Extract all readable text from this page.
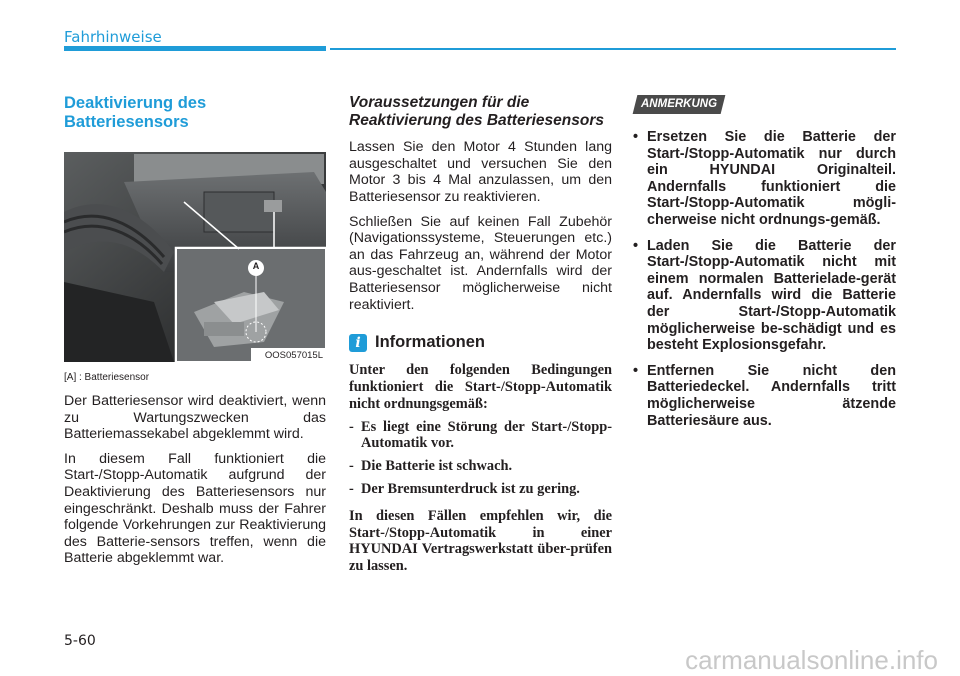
Fahrhinweise
Deaktivierung des Batteriesensors
A
OOS057015L
[A] : Batteriesensor

Der Batteriesensor wird deaktiviert, wenn zu Wartungszwecken das Batteriemassekabel abgeklemmt wird.

In diesem Fall funktioniert die Start-/Stopp-Automatik aufgrund der Deaktivierung des Batteriesensors nur eingeschränkt. Deshalb muss der Fahrer folgende Vorkehrungen zur Reaktivierung des Batterie-sensors treffen, wenn die Batterie abgeklemmt war.

Voraussetzungen für die Reaktivierung des Batteriesensors

Lassen Sie den Motor 4 Stunden lang ausgeschaltet und versuchen Sie den Motor 3 bis 4 Mal anzulassen, um den Batteriesensor zu reaktivieren.

Schließen Sie auf keinen Fall Zubehör (Navigationssysteme, Steuerungen etc.) an das Fahrzeug an, während der Motor aus-geschaltet ist. Andernfalls wird der Batteriesensor möglicherweise nicht reaktiviert.

i Informationen

Unter den folgenden Bedingungen funktioniert die Start-/Stopp-Automatik nicht ordnungsgemäß:

- Es liegt eine Störung der Start-/Stopp-Automatik vor.
- Die Batterie ist schwach.
- Der Bremsunterdruck ist zu gering.

In diesen Fällen empfehlen wir, die Start-/Stopp-Automatik in einer HYUNDAI Vertragswerkstatt über-prüfen zu lassen.

ANMERKUNG
• Ersetzen Sie die Batterie der Start-/Stopp-Automatik nur durch ein HYUNDAI Originalteil. Andernfalls funktioniert die Start-/Stopp-Automatik mögli-cherweise nicht ordnungs-gemäß.
• Laden Sie die Batterie der Start-/Stopp-Automatik nicht mit einem normalen Batterielade-gerät auf. Andernfalls wird die Batterie der Start-/Stopp-Automatik möglicherweise be-schädigt und es besteht Explosionsgefahr.
• Entfernen Sie nicht den Batteriedeckel. Andernfalls tritt möglicherweise ätzende Batteriesäure aus.
5-60
carmanualsonline.info
